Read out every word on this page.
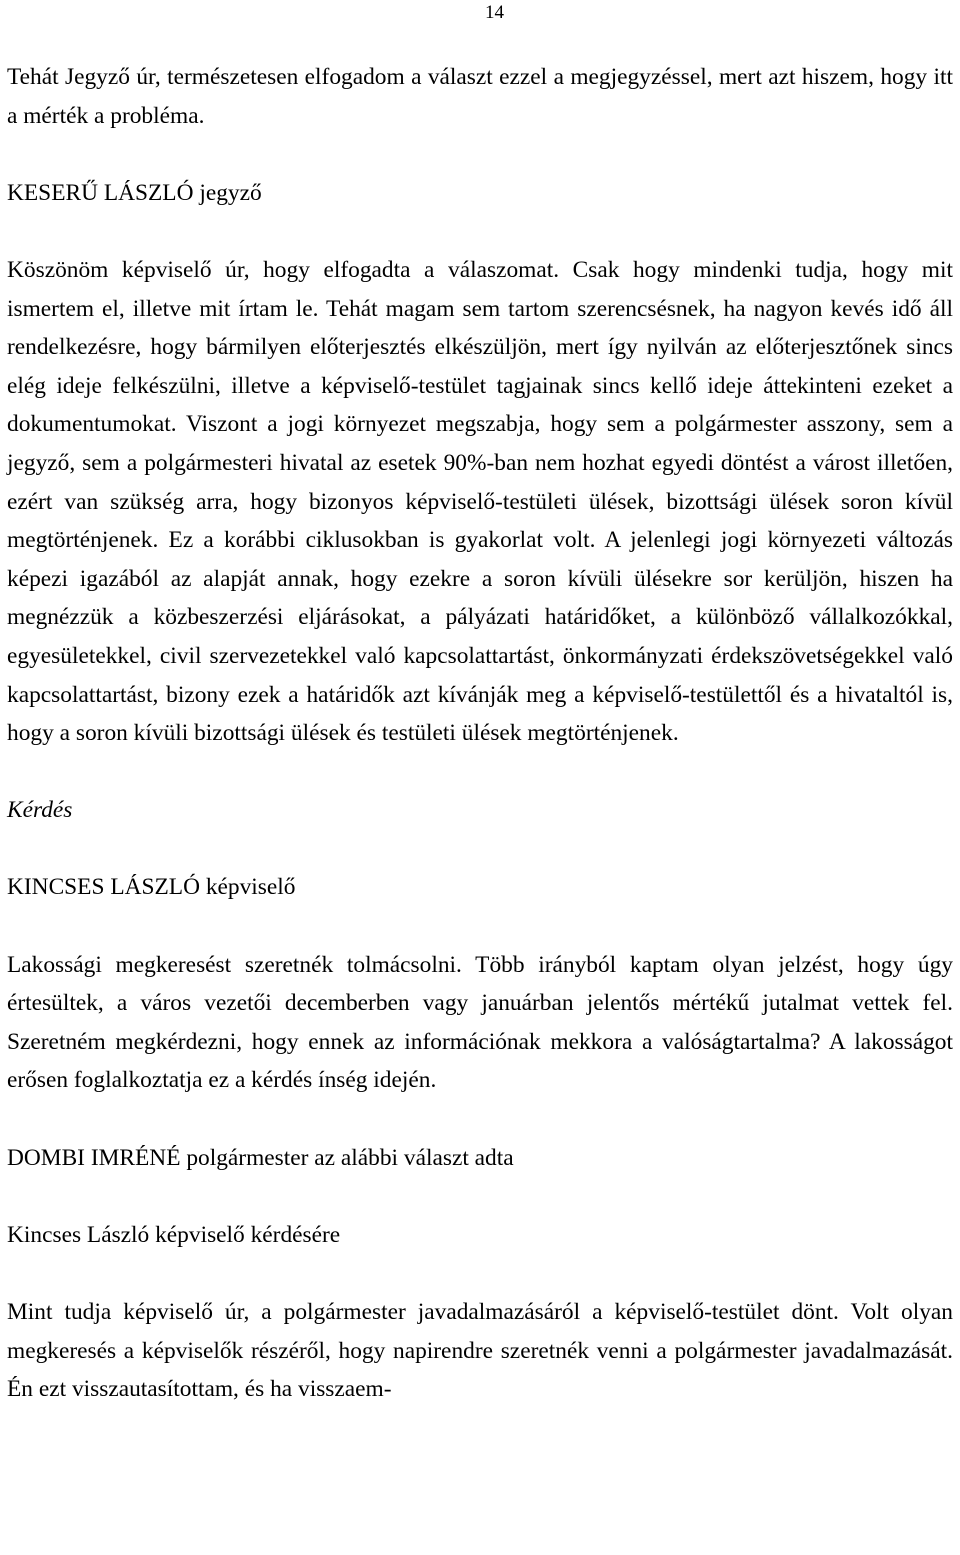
14

Tehát Jegyző úr, természetesen elfogadom a választ ezzel a megjegyzéssel, mert azt hiszem, hogy itt a mérték a probléma.

KESERŰ LÁSZLÓ jegyző

Köszönöm képviselő úr, hogy elfogadta a válaszomat. Csak hogy mindenki tudja, hogy mit ismertem el, illetve mit írtam le. Tehát magam sem tartom szerencsésnek, ha nagyon kevés idő áll rendelkezésre, hogy bármilyen előterjesztés elkészüljön, mert így nyilván az előterjesztőnek sincs elég ideje felkészülni, illetve a képviselő-testület tagjainak sincs kellő ideje áttekinteni ezeket a dokumentumokat. Viszont a jogi környezet megszabja, hogy sem a polgármester asszony, sem a jegyző, sem a polgármesteri hivatal az esetek 90%-ban nem hozhat egyedi döntést a várost illetően, ezért van szükség arra, hogy bizonyos képviselő-testületi ülések, bizottsági ülések soron kívül megtörténjenek. Ez a korábbi ciklusokban is gyakorlat volt. A jelenlegi jogi környezeti változás képezi igazából az alapját annak, hogy ezekre a soron kívüli ülésekre sor kerüljön, hiszen ha megnézzük a közbeszerzési eljárásokat, a pályázati határidőket, a különböző vállalkozókkal, egyesületekkel, civil szervezetekkel való kapcsolattartást, önkormányzati érdekszövetségekkel való kapcsolattartást, bizony ezek a határidők azt kívánják meg a képviselő-testülettől és a hivataltól is, hogy a soron kívüli bizottsági ülések és testületi ülések megtörténjenek.

Kérdés

KINCSES LÁSZLÓ képviselő

Lakossági megkeresést szeretnék tolmácsolni. Több irányból kaptam olyan jelzést, hogy úgy értesültek, a város vezetői decemberben vagy januárban jelentős mértékű jutalmat vettek fel. Szeretném megkérdezni, hogy ennek az információnak mekkora a valóságtartalma? A lakosságot erősen foglalkoztatja ez a kérdés ínség idején.

DOMBI IMRÉNÉ polgármester az alábbi választ adta

Kincses László képviselő kérdésére

Mint tudja képviselő úr, a polgármester javadalmazásáról a képviselő-testület dönt. Volt olyan megkeresés a képviselők részéről, hogy napirendre szeretnék venni a polgármester javadalmazását. Én ezt visszautasítottam, és ha visszaem-
